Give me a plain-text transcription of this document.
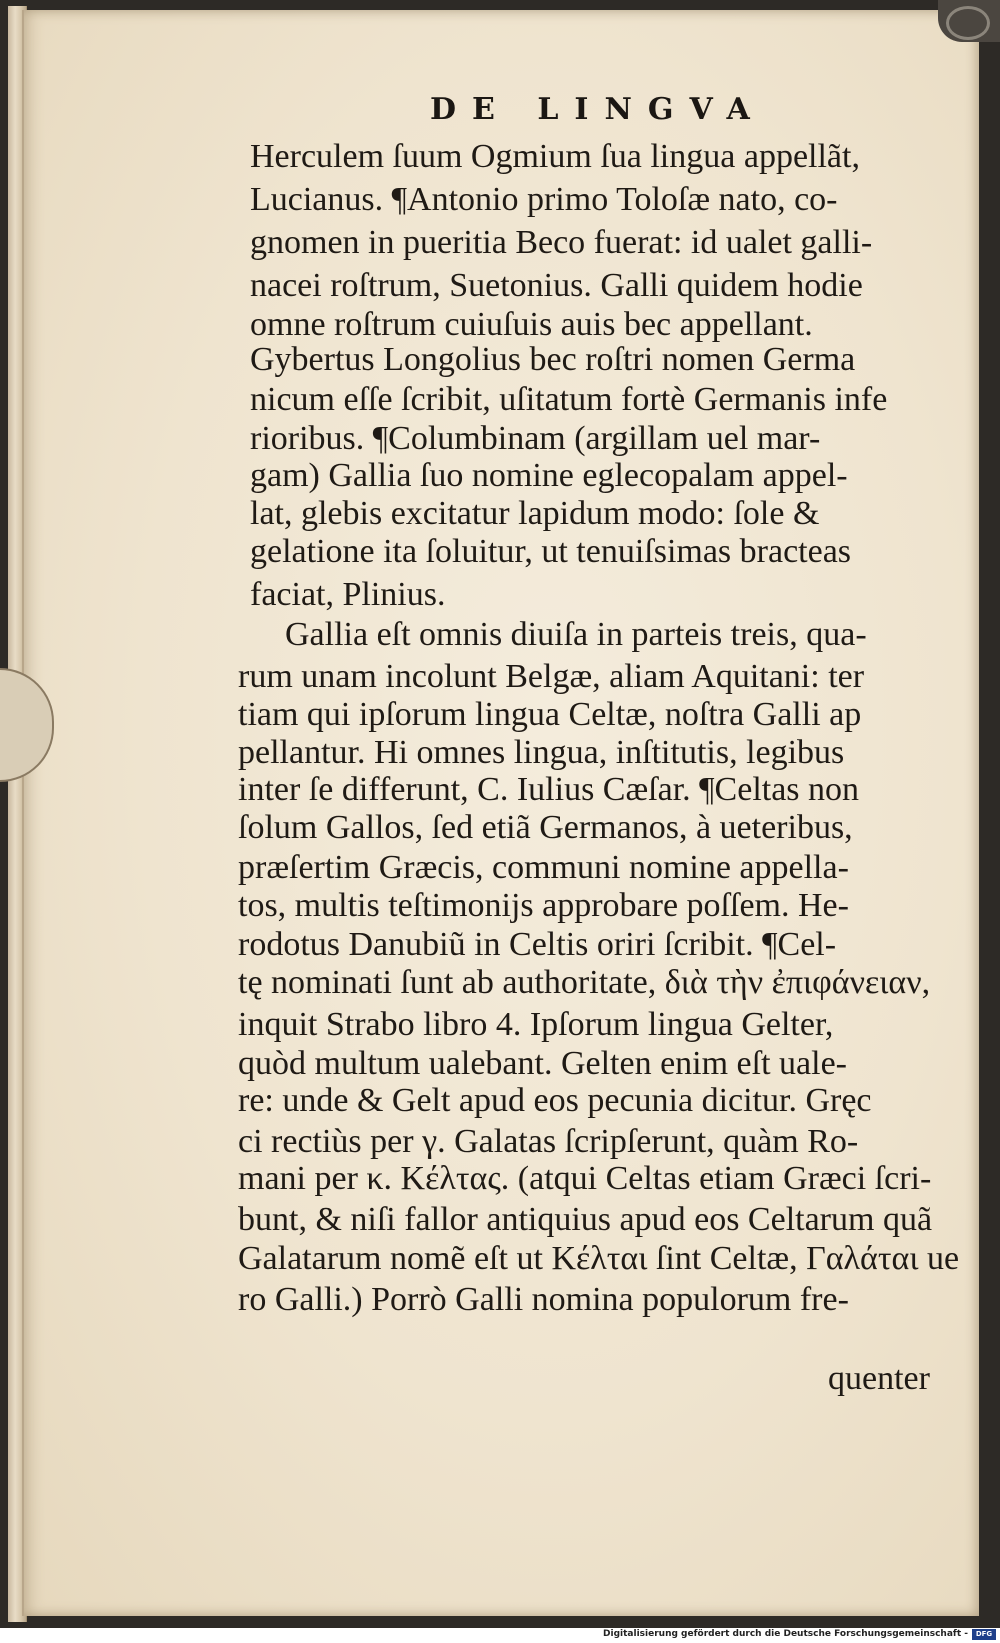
DE LINGVA
Herculem ſuum Ogmium ſua lingua appellãt,
Lucianus. ¶Antonio primo Toloſæ nato, co-
gnomen in pueritia Beco fuerat: id ualet galli-
nacei roſtrum, Suetonius. Galli quidem hodie
omne roſtrum cuiuſuis auis bec appellant.
Gybertus Longolius bec roſtri nomen Germa
nicum eſſe ſcribit, uſitatum fortè Germanis infe
rioribus. ¶Columbinam (argillam uel mar-
gam) Gallia ſuo nomine eglecopalam appel-
lat, glebis excitatur lapidum modo: ſole &
gelatione ita ſoluitur, ut tenuiſsimas bracteas
faciat, Plinius.
Gallia eſt omnis diuiſa in parteis treis, qua-
rum unam incolunt Belgæ, aliam Aquitani: ter
tiam qui ipſorum lingua Celtæ, noſtra Galli ap
pellantur. Hi omnes lingua, inſtitutis, legibus
inter ſe differunt, C. Iulius Cæſar. ¶Celtas non
ſolum Gallos, ſed etiã Germanos, à ueteribus,
præſertim Græcis, communi nomine appella-
tos, multis teſtimonijs approbare poſſem. He-
rodotus Danubiũ in Celtis oriri ſcribit. ¶Cel-
tę nominati ſunt ab authoritate, διὰ τὴν ἐπιφάνειαν,
inquit Strabo libro 4. Ipſorum lingua Gelter,
quòd multum ualebant. Gelten enim eſt uale-
re: unde & Gelt apud eos pecunia dicitur. Gręc
ci rectiùs per γ. Galatas ſcripſerunt, quàm Ro-
mani per κ. Κέλτας. (atqui Celtas etiam Græci ſcri-
bunt, & niſi fallor antiquius apud eos Celtarum quã
Galatarum nomẽ eſt ut Κέλται ſint Celtæ, Γαλάται ue
ro Galli.) Porrò Galli nomina populorum fre-
quenter
Digitalisierung gefördert durch die Deutsche Forschungsgemeinschaft -	DFG
